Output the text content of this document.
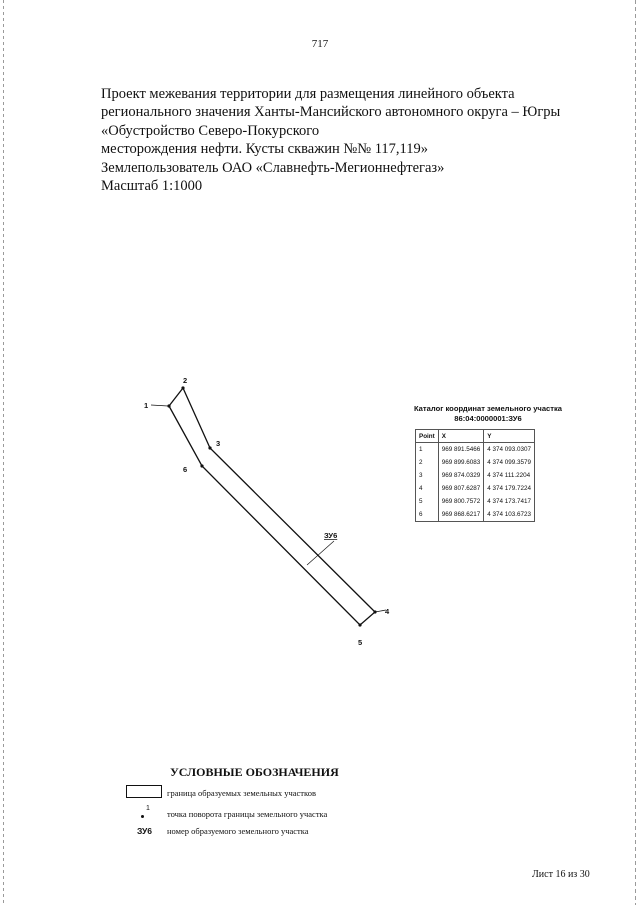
717
Проект межевания территории для размещения линейного объекта
регионального значения Ханты-Мансийского автономного округа – Югры
«Обустройство Северо-Покурского
месторождения нефти. Кусты скважин №№ 117,119»
Землепользователь ОАО «Славнефть-Мегионнефтегаз»
Масштаб 1:1000
1
2
3
4
5
6
ЗУ6
Каталог координат земельного участка
86:04:0000001:ЗУ6
Point	X	Y
1	969 891.5466	4 374 093.0307
2	969 899.6083	4 374 099.3579
3	969 874.0329	4 374 111.2204
4	969 807.6287	4 374 179.7224
5	969 800.7572	4 374 173.7417
6	969 868.6217	4 374 103.6723
УСЛОВНЫЕ ОБОЗНАЧЕНИЯ
граница образуемых земельных участков
1
точка поворота границы земельного участка
ЗУ6 номер образуемого земельного участка
Лист 16 из 30
